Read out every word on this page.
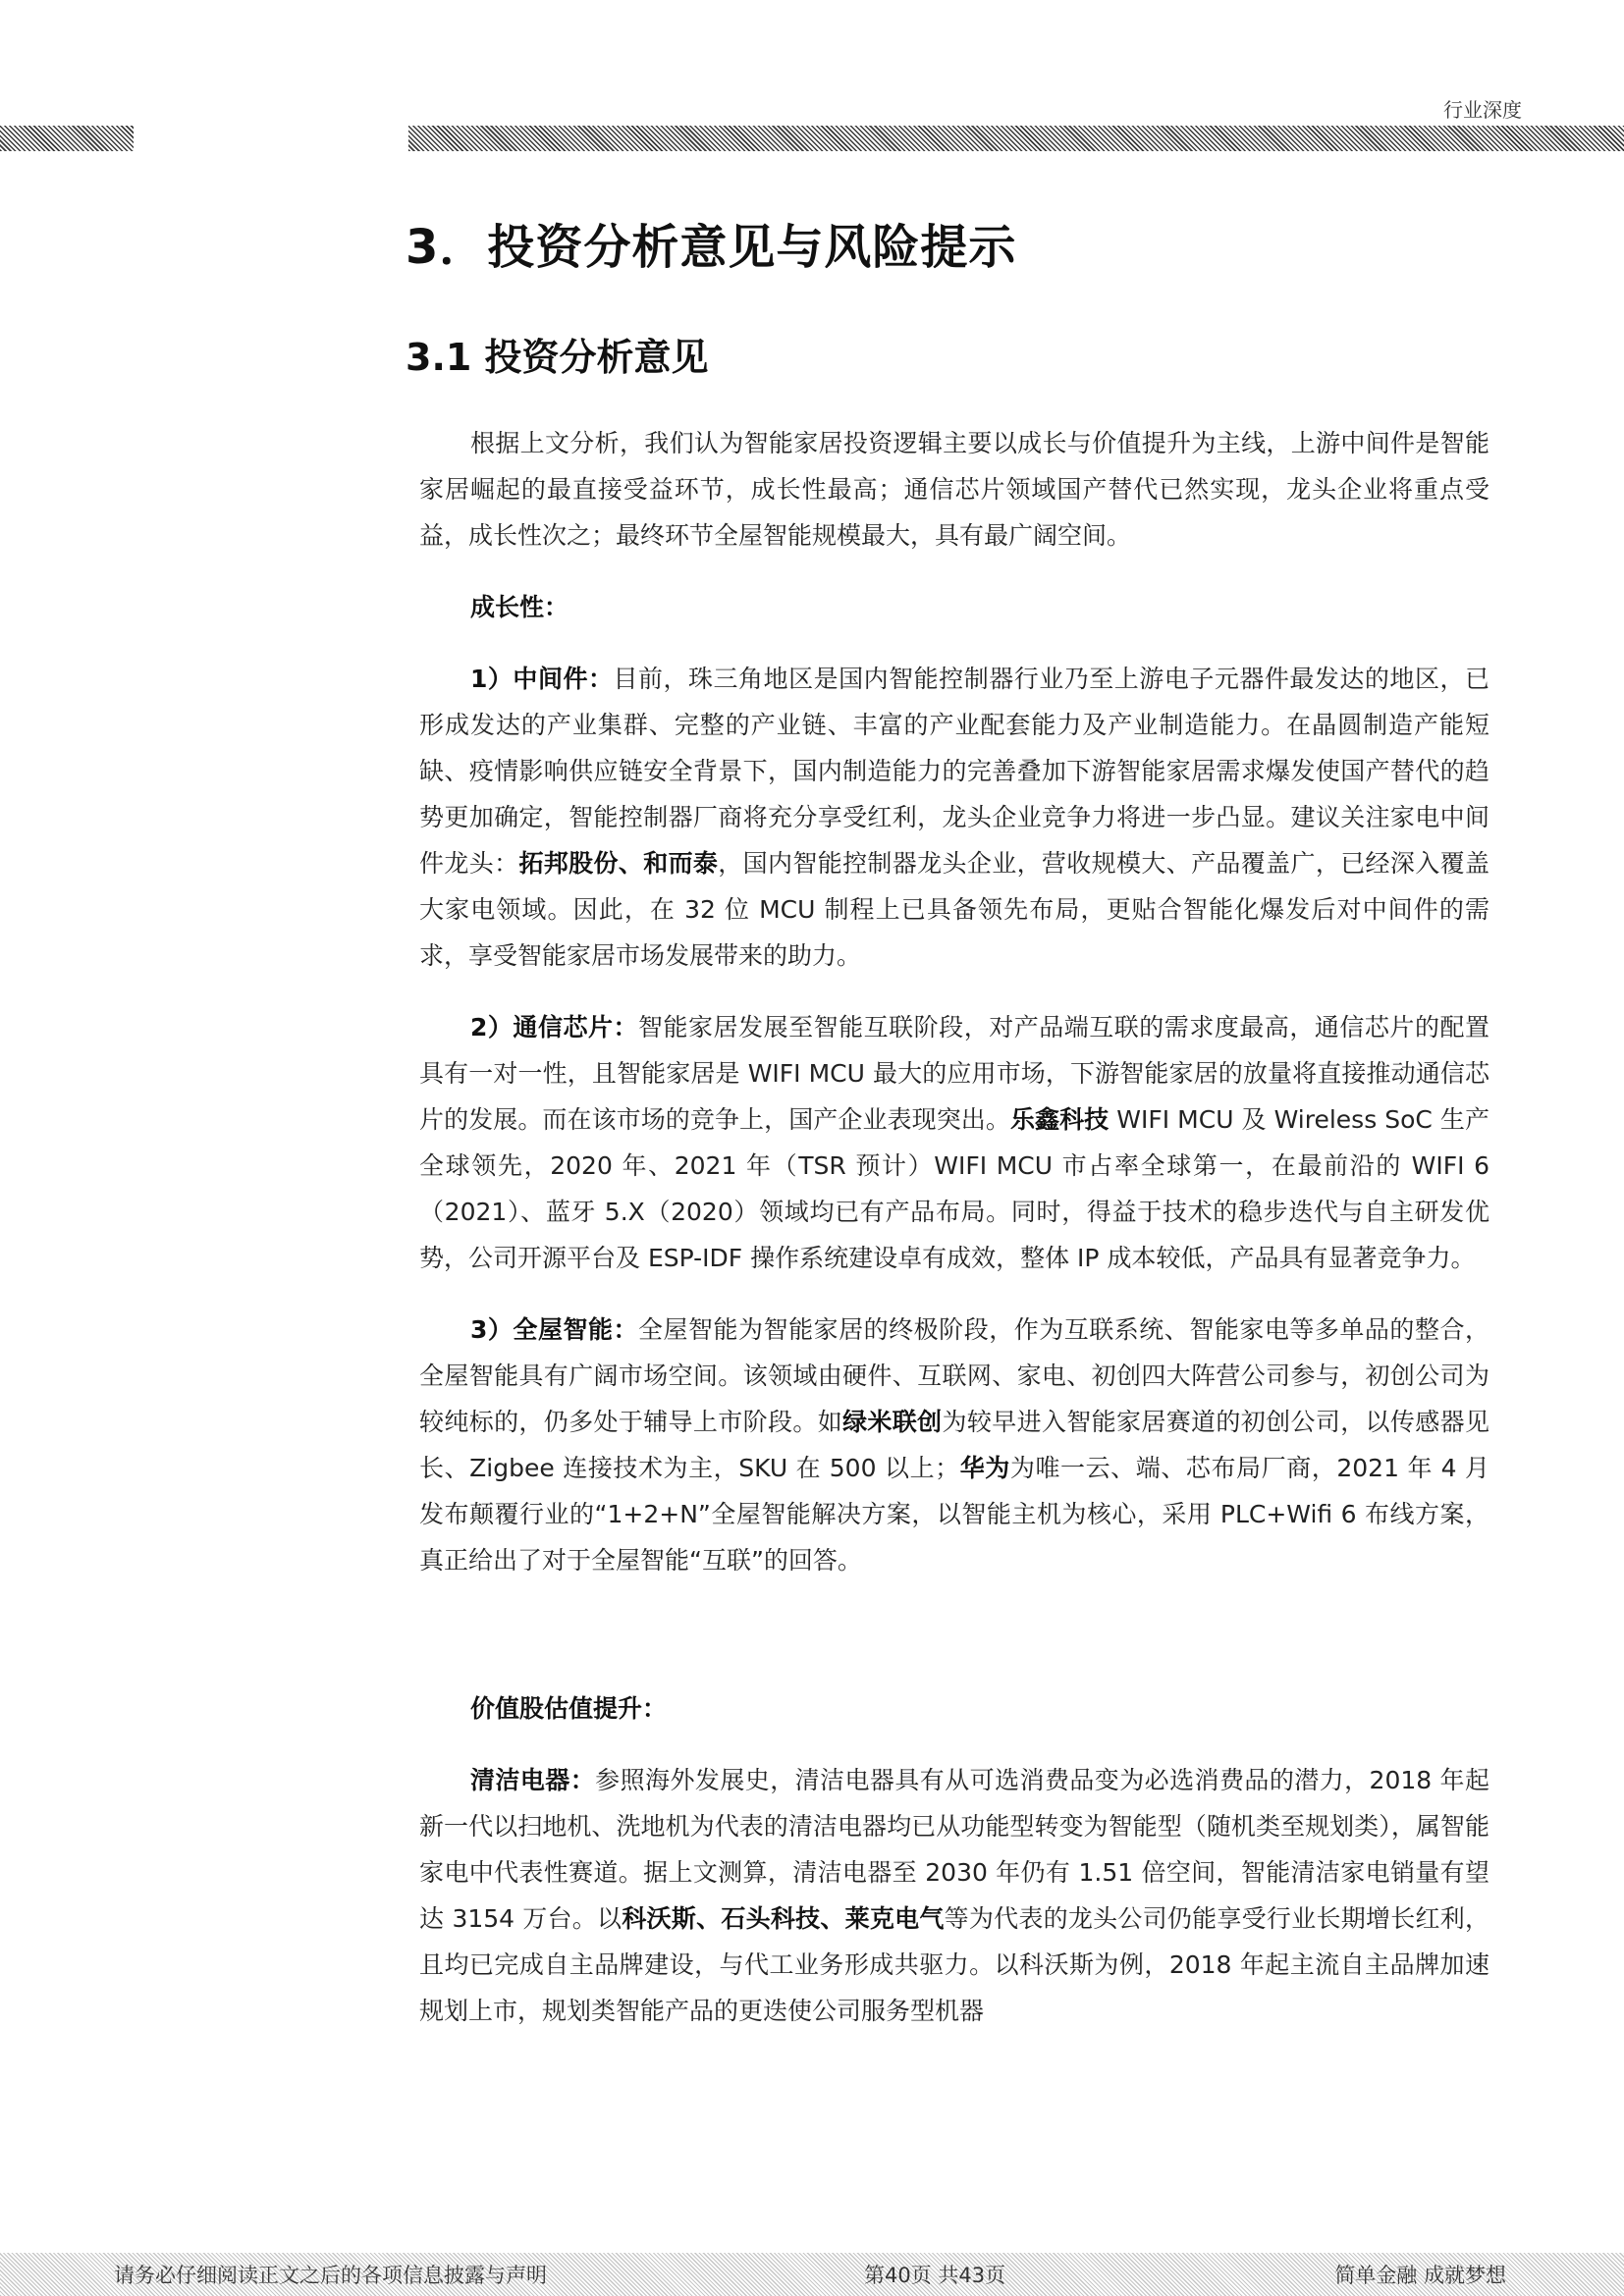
行业深度
3．投资分析意见与风险提示
3.1 投资分析意见

根据上文分析，我们认为智能家居投资逻辑主要以成长与价值提升为主线，上游中间件是智能家居崛起的最直接受益环节，成长性最高；通信芯片领域国产替代已然实现，龙头企业将重点受益，成长性次之；最终环节全屋智能规模最大，具有最广阔空间。

成长性：

1）中间件：目前，珠三角地区是国内智能控制器行业乃至上游电子元器件最发达的地区，已形成发达的产业集群、完整的产业链、丰富的产业配套能力及产业制造能力。在晶圆制造产能短缺、疫情影响供应链安全背景下，国内制造能力的完善叠加下游智能家居需求爆发使国产替代的趋势更加确定，智能控制器厂商将充分享受红利，龙头企业竞争力将进一步凸显。建议关注家电中间件龙头：拓邦股份、和而泰，国内智能控制器龙头企业，营收规模大、产品覆盖广，已经深入覆盖大家电领域。因此，在 32 位 MCU 制程上已具备领先布局，更贴合智能化爆发后对中间件的需求，享受智能家居市场发展带来的助力。

2）通信芯片：智能家居发展至智能互联阶段，对产品端互联的需求度最高，通信芯片的配置具有一对一性，且智能家居是 WIFI MCU 最大的应用市场，下游智能家居的放量将直接推动通信芯片的发展。而在该市场的竞争上，国产企业表现突出。乐鑫科技 WIFI MCU 及 Wireless SoC 生产全球领先，2020 年、2021 年（TSR 预计）WIFI MCU 市占率全球第一，在最前沿的 WIFI 6（2021）、蓝牙 5.X（2020）领域均已有产品布局。同时，得益于技术的稳步迭代与自主研发优势，公司开源平台及 ESP-IDF 操作系统建设卓有成效，整体 IP 成本较低，产品具有显著竞争力。

3）全屋智能：全屋智能为智能家居的终极阶段，作为互联系统、智能家电等多单品的整合，全屋智能具有广阔市场空间。该领域由硬件、互联网、家电、初创四大阵营公司参与，初创公司为较纯标的，仍多处于辅导上市阶段。如绿米联创为较早进入智能家居赛道的初创公司，以传感器见长、Zigbee 连接技术为主，SKU 在 500 以上；华为为唯一云、端、芯布局厂商，2021 年 4 月发布颠覆行业的“1+2+N”全屋智能解决方案，以智能主机为核心，采用 PLC+Wifi 6 布线方案，真正给出了对于全屋智能“互联”的回答。

价值股估值提升：

清洁电器：参照海外发展史，清洁电器具有从可选消费品变为必选消费品的潜力，2018 年起新一代以扫地机、洗地机为代表的清洁电器均已从功能型转变为智能型（随机类至规划类），属智能家电中代表性赛道。据上文测算，清洁电器至 2030 年仍有 1.51 倍空间，智能清洁家电销量有望达 3154 万台。以科沃斯、石头科技、莱克电气等为代表的龙头公司仍能享受行业长期增长红利，且均已完成自主品牌建设，与代工业务形成共驱力。以科沃斯为例，2018 年起主流自主品牌加速规划上市，规划类智能产品的更迭使公司服务型机器

请务必仔细阅读正文之后的各项信息披露与声明	第40页 共43页	简单金融 成就梦想
